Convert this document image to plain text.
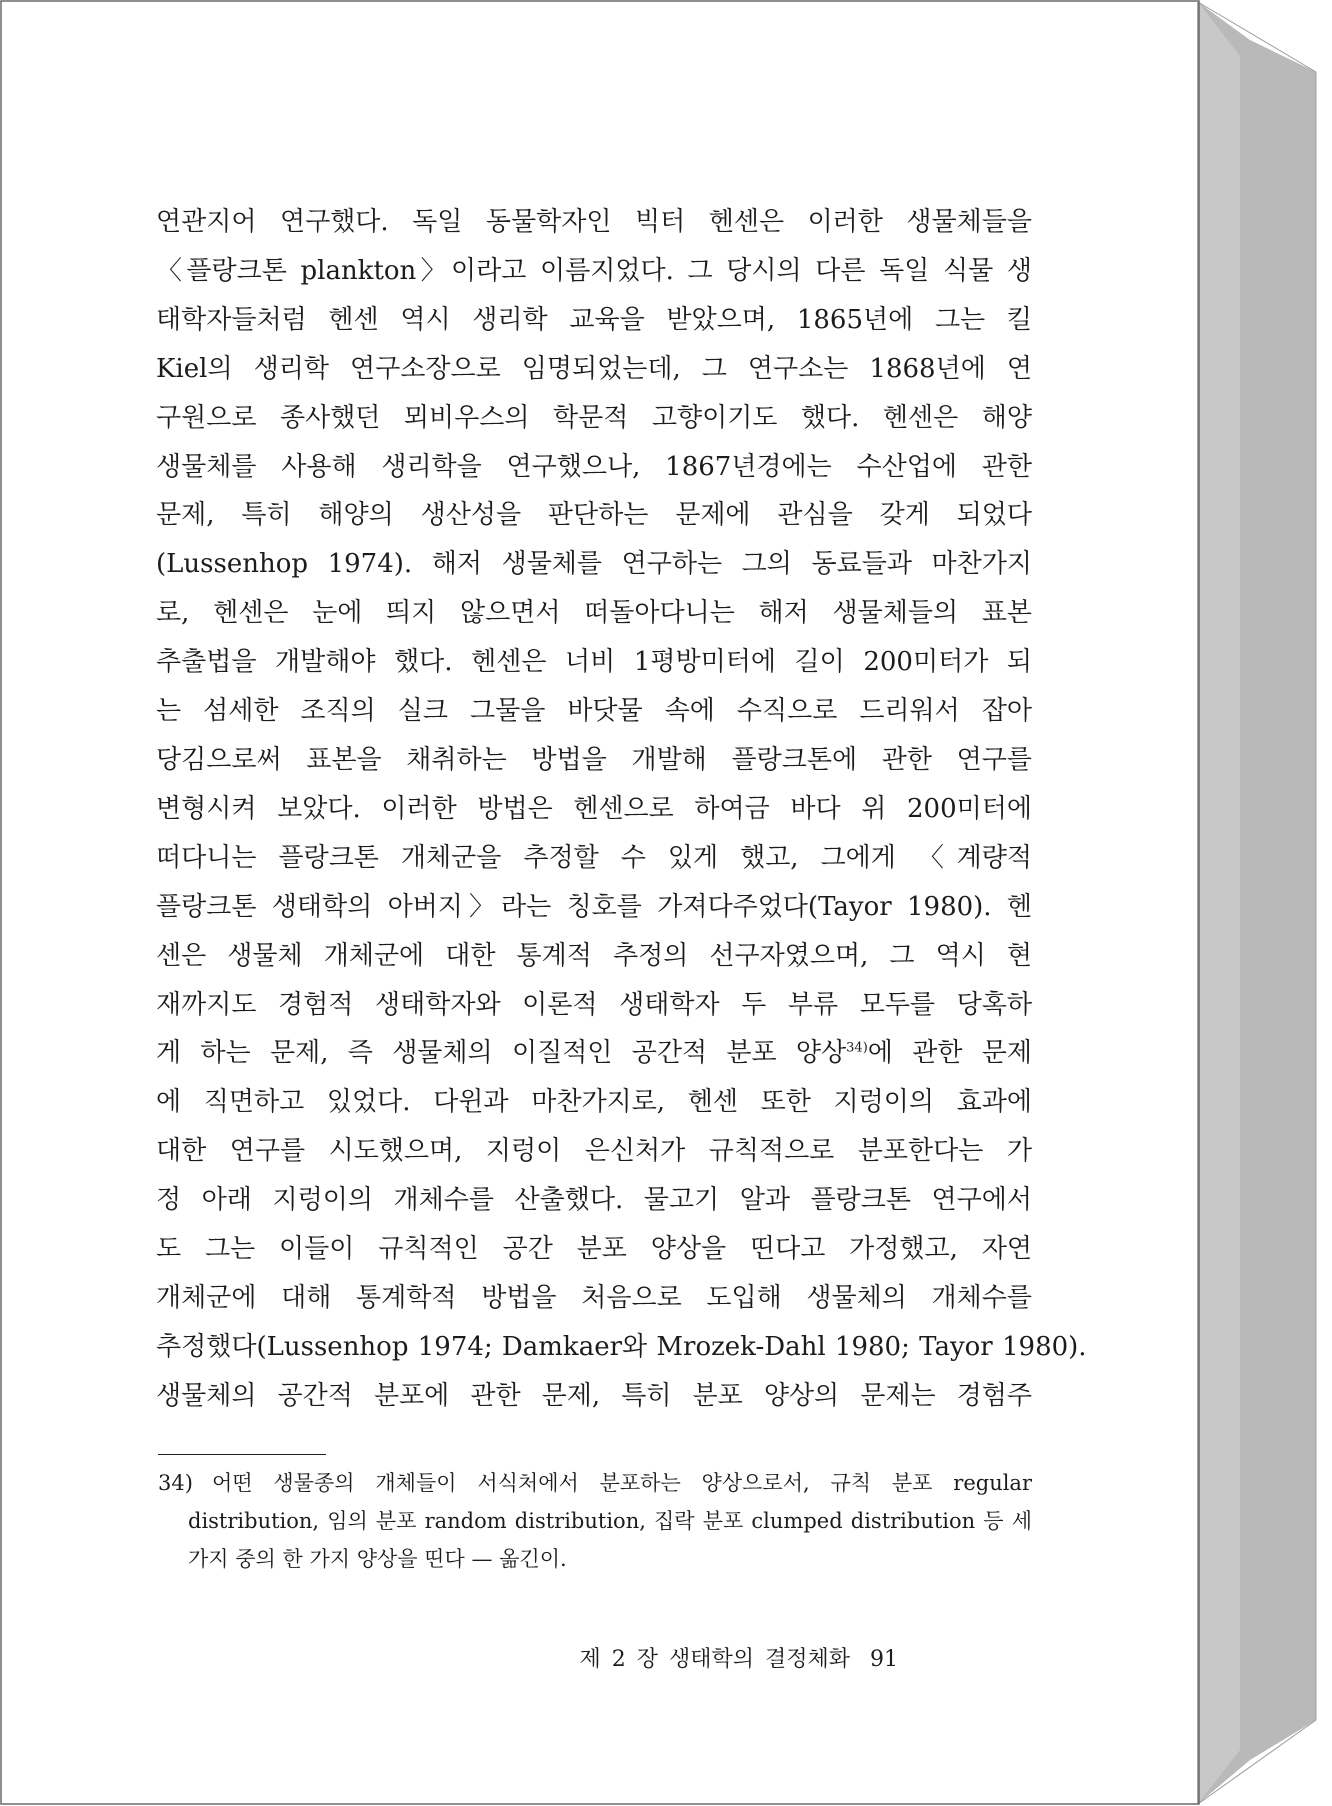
연관지어 연구했다. 독일 동물학자인 빅터 헨센은 이러한 생물체들을
〈플랑크톤 plankton〉이라고 이름지었다. 그 당시의 다른 독일 식물 생
태학자들처럼 헨센 역시 생리학 교육을 받았으며, 1865년에 그는 킬
Kiel의 생리학 연구소장으로 임명되었는데, 그 연구소는 1868년에 연
구원으로 종사했던 뫼비우스의 학문적 고향이기도 했다. 헨센은 해양
생물체를 사용해 생리학을 연구했으나, 1867년경에는 수산업에 관한
문제, 특히 해양의 생산성을 판단하는 문제에 관심을 갖게 되었다
(Lussenhop 1974). 해저 생물체를 연구하는 그의 동료들과 마찬가지
로, 헨센은 눈에 띄지 않으면서 떠돌아다니는 해저 생물체들의 표본
추출법을 개발해야 했다. 헨센은 너비 1평방미터에 길이 200미터가 되
는 섬세한 조직의 실크 그물을 바닷물 속에 수직으로 드리워서 잡아
당김으로써 표본을 채취하는 방법을 개발해 플랑크톤에 관한 연구를
변형시켜 보았다. 이러한 방법은 헨센으로 하여금 바다 위 200미터에
떠다니는 플랑크톤 개체군을 추정할 수 있게 했고, 그에게 〈계량적
플랑크톤 생태학의 아버지〉라는 칭호를 가져다주었다(Tayor 1980). 헨
센은 생물체 개체군에 대한 통계적 추정의 선구자였으며, 그 역시 현
재까지도 경험적 생태학자와 이론적 생태학자 두 부류 모두를 당혹하
게 하는 문제, 즉 생물체의 이질적인 공간적 분포 양상$^{34)}$에 관한 문제
에 직면하고 있었다. 다윈과 마찬가지로, 헨센 또한 지렁이의 효과에
대한 연구를 시도했으며, 지렁이 은신처가 규칙적으로 분포한다는 가
정 아래 지렁이의 개체수를 산출했다. 물고기 알과 플랑크톤 연구에서
도 그는 이들이 규칙적인 공간 분포 양상을 띤다고 가정했고, 자연
개체군에 대해 통계학적 방법을 처음으로 도입해 생물체의 개체수를
추정했다(Lussenhop 1974; Damkaer와 Mrozek-Dahl 1980; Tayor 1980).
생물체의 공간적 분포에 관한 문제, 특히 분포 양상의 문제는 경험주
34) 어떤 생물종의 개체들이 서식처에서 분포하는 양상으로서, 규칙 분포 regular
distribution, 임의 분포 random distribution, 집락 분포 clumped distribution 등 세
가지 중의 한 가지 양상을 띤다 — 옮긴이.
제 2 장 생태학의 결정체화 91
